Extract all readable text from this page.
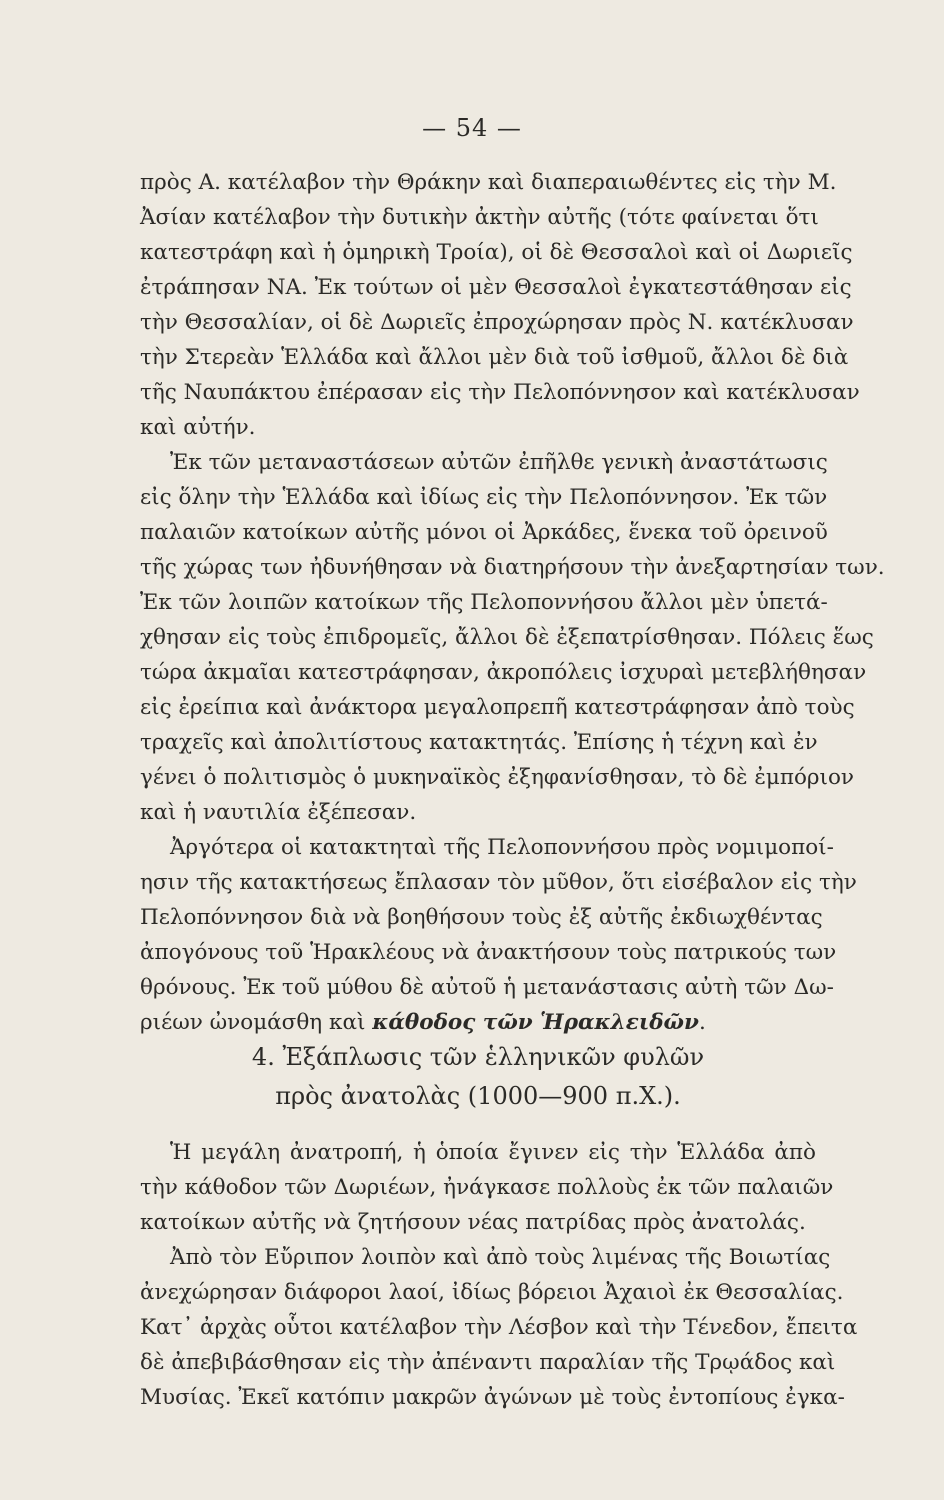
— 54 —
πρὸς Α. κατέλαβον τὴν Θράκην καὶ διαπεραιωθέντες εἰς τὴν Μ.
Ἀσίαν κατέλαβον τὴν δυτικὴν ἀκτὴν αὐτῆς (τότε φαίνεται ὅτι
κατεστράφη καὶ ἡ ὁμηρικὴ Τροία), οἱ δὲ Θεσσαλοὶ καὶ οἱ Δωριεῖς
ἐτράπησαν ΝΑ. Ἐκ τούτων οἱ μὲν Θεσσαλοὶ ἐγκατεστάθησαν εἰς
τὴν Θεσσαλίαν, οἱ δὲ Δωριεῖς ἐπροχώρησαν πρὸς Ν. κατέκλυσαν
τὴν Στερεὰν Ἑλλάδα καὶ ἄλλοι μὲν διὰ τοῦ ἰσθμοῦ, ἄλλοι δὲ διὰ
τῆς Ναυπάκτου ἐπέρασαν εἰς τὴν Πελοπόννησον καὶ κατέκλυσαν
καὶ αὐτήν.
Ἐκ τῶν μεταναστάσεων αὐτῶν ἐπῆλθε γενικὴ ἀναστάτωσις
εἰς ὅλην τὴν Ἑλλάδα καὶ ἰδίως εἰς τὴν Πελοπόννησον. Ἐκ τῶν
παλαιῶν κατοίκων αὐτῆς μόνοι οἱ Ἀρκάδες, ἕνεκα τοῦ ὀρεινοῦ
τῆς χώρας των ἠδυνήθησαν νὰ διατηρήσουν τὴν ἀνεξαρτησίαν των.
Ἐκ τῶν λοιπῶν κατοίκων τῆς Πελοποννήσου ἄλλοι μὲν ὑπετά-
χθησαν εἰς τοὺς ἐπιδρομεῖς, ἄλλοι δὲ ἐξεπατρίσθησαν. Πόλεις ἕως
τώρα ἀκμαῖαι κατεστράφησαν, ἀκροπόλεις ἰσχυραὶ μετεβλήθησαν
εἰς ἐρείπια καὶ ἀνάκτορα μεγαλοπρεπῆ κατεστράφησαν ἀπὸ τοὺς
τραχεῖς καὶ ἀπολιτίστους κατακτητάς. Ἐπίσης ἡ τέχνη καὶ ἐν
γένει ὁ πολιτισμὸς ὁ μυκηναϊκὸς ἐξηφανίσθησαν, τὸ δὲ ἐμπόριον
καὶ ἡ ναυτιλία ἐξέπεσαν.
Ἀργότερα οἱ κατακτηταὶ τῆς Πελοποννήσου πρὸς νομιμοποί-
ησιν τῆς κατακτήσεως ἔπλασαν τὸν μῦθον, ὅτι εἰσέβαλον εἰς τὴν
Πελοπόννησον διὰ νὰ βοηθήσουν τοὺς ἐξ αὐτῆς ἐκδιωχθέντας
ἀπογόνους τοῦ Ἡρακλέους νὰ ἀνακτήσουν τοὺς πατρικούς των
θρόνους. Ἐκ τοῦ μύθου δὲ αὐτοῦ ἡ μετανάστασις αὐτὴ τῶν Δω-
ριέων ὠνομάσθη καὶ κάθοδος τῶν Ἡρακλειδῶν.
4. Ἐξάπλωσις τῶν ἑλληνικῶν φυλῶν
πρὸς ἀνατολὰς (1000—900 π.Χ.).
Ἡ μεγάλη ἀνατροπή, ἡ ὁποία ἔγινεν εἰς τὴν Ἑλλάδα ἀπὸ
τὴν κάθοδον τῶν Δωριέων, ἠνάγκασε πολλοὺς ἐκ τῶν παλαιῶν
κατοίκων αὐτῆς νὰ ζητήσουν νέας πατρίδας πρὸς ἀνατολάς.
Ἀπὸ τὸν Εὔριπον λοιπὸν καὶ ἀπὸ τοὺς λιμένας τῆς Βοιωτίας
ἀνεχώρησαν διάφοροι λαοί, ἰδίως βόρειοι Ἀχαιοὶ ἐκ Θεσσαλίας.
Κατ᾿ ἀρχὰς οὗτοι κατέλαβον τὴν Λέσβον καὶ τὴν Τένεδον, ἔπειτα
δὲ ἀπεβιβάσθησαν εἰς τὴν ἀπέναντι παραλίαν τῆς Τρῳάδος καὶ
Μυσίας. Ἐκεῖ κατόπιν μακρῶν ἀγώνων μὲ τοὺς ἐντοπίους ἐγκα-
